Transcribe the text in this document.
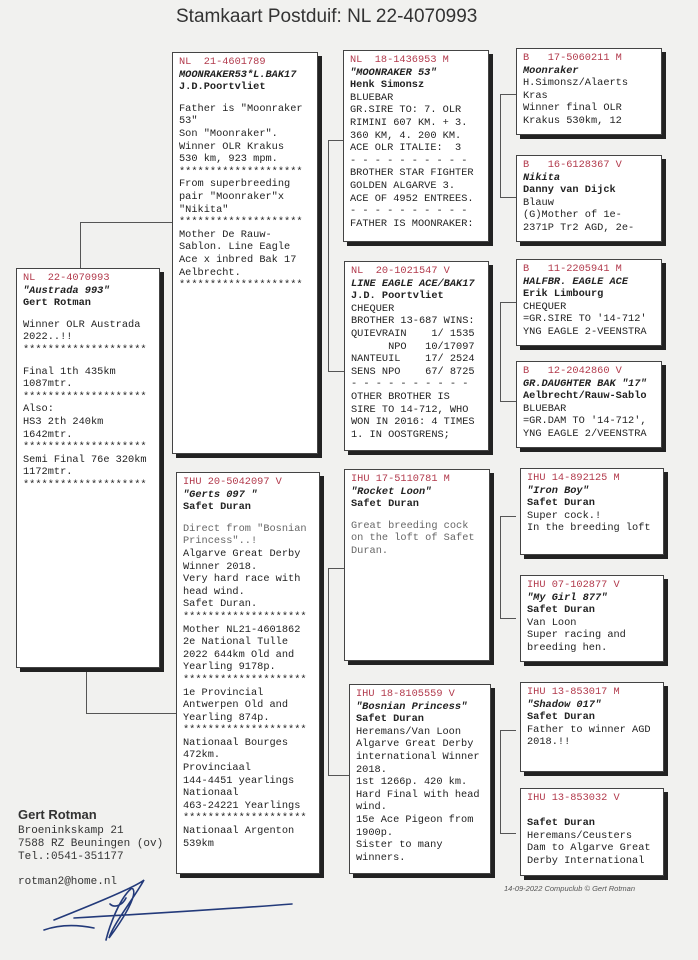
Stamkaart Postduif: NL 22-4070993
NL  22-4070993
"Austrada 993"
Gert Rotman
Winner OLR Austrada
2022..!!
********************
Final 1th 435km
1087mtr.
********************
Also:
HS3 2th 240km
1642mtr.
********************
Semi Final 76e 320km
1172mtr.
********************
NL  21-4601789
MOONRAKER53*L.BAK17
J.D.Poortvliet
Father is "Moonraker
53"
Son "Moonraker".
Winner OLR Krakus
530 km, 923 mpm.
********************
From superbreeding
pair "Moonraker"x
"Nikita"
********************
Mother De Rauw-
Sablon. Line Eagle
Ace x inbred Bak 17
Aelbrecht.
********************
IHU 20-5042097 V
"Gerts 097 "
Safet Duran
Direct from "Bosnian
Princess"..!
Algarve Great Derby
Winner 2018.
Very hard race with
head wind.
Safet Duran.
********************
Mother NL21-4601862
2e National Tulle
2022 644km Old and
Yearling 9178p.
********************
1e Provincial
Antwerpen Old and
Yearling 874p.
********************
Nationaal Bourges
472km.
Provinciaal
144-4451 yearlings
Nationaal
463-24221 Yearlings
********************
Nationaal Argenton
539km
NL  18-1436953 M
"MOONRAKER 53"
Henk Simonsz
BLUEBAR
GR.SIRE TO: 7. OLR
RIMINI 607 KM. + 3.
360 KM, 4. 200 KM.
ACE OLR ITALIE:  3
- - - - - - - - - -
BROTHER STAR FIGHTER
GOLDEN ALGARVE 3.
ACE OF 4952 ENTREES.
- - - - - - - - - -
FATHER IS MOONRAKER:
NL  20-1021547 V
LINE EAGLE ACE/BAK17
J.D. Poortvliet
CHEQUER
BROTHER 13-687 WINS:
QUIEVRAIN    1/ 1535
NPO   10/17097
NANTEUIL    17/ 2524
SENS NPO    67/ 8725
- - - - - - - - - -
OTHER BROTHER IS
SIRE TO 14-712, WHO
WON IN 2016: 4 TIMES
1. IN OOSTGRENS;
IHU 17-5110781 M
"Rocket Loon"
Safet Duran
Great breeding cock
on the loft of Safet
Duran.
IHU 18-8105559 V
"Bosnian Princess"
Safet Duran
Heremans/Van Loon
Algarve Great Derby
international Winner
2018.
1st 1266p. 420 km.
Hard Final with head
wind.
15e Ace Pigeon from
1900p.
Sister to many
winners.
B   17-5060211 M
Moonraker
H.Simonsz/Alaerts
Kras
Winner final OLR
Krakus 530km, 12
B   16-6128367 V
Nikita
Danny van Dijck
Blauw
(G)Mother of 1e-
2371P Tr2 AGD, 2e-
B   11-2205941 M
HALFBR. EAGLE ACE
Erik Limbourg
CHEQUER
=GR.SIRE TO '14-712'
YNG EAGLE 2-VEENSTRA
B   12-2042860 V
GR.DAUGHTER BAK "17"
Aelbrecht/Rauw-Sablo
BLUEBAR
=GR.DAM TO '14-712',
YNG EAGLE 2/VEENSTRA
IHU 14-892125 M
"Iron Boy"
Safet Duran
Super cock.!
In the breeding loft
IHU 07-102877 V
"My Girl 877"
Safet Duran
Van Loon
Super racing and
breeding hen.
IHU 13-853017 M
"Shadow 017"
Safet Duran
Father to winner AGD
2018.!!
IHU 13-853032 V
Safet Duran
Heremans/Ceusters
Dam to Algarve Great
Derby International
Gert Rotman
Broeninkskamp 21
7588 RZ Beuningen (ov)
Tel.:0541-351177
rotman2@home.nl
14-09-2022 Compuclub © Gert Rotman
